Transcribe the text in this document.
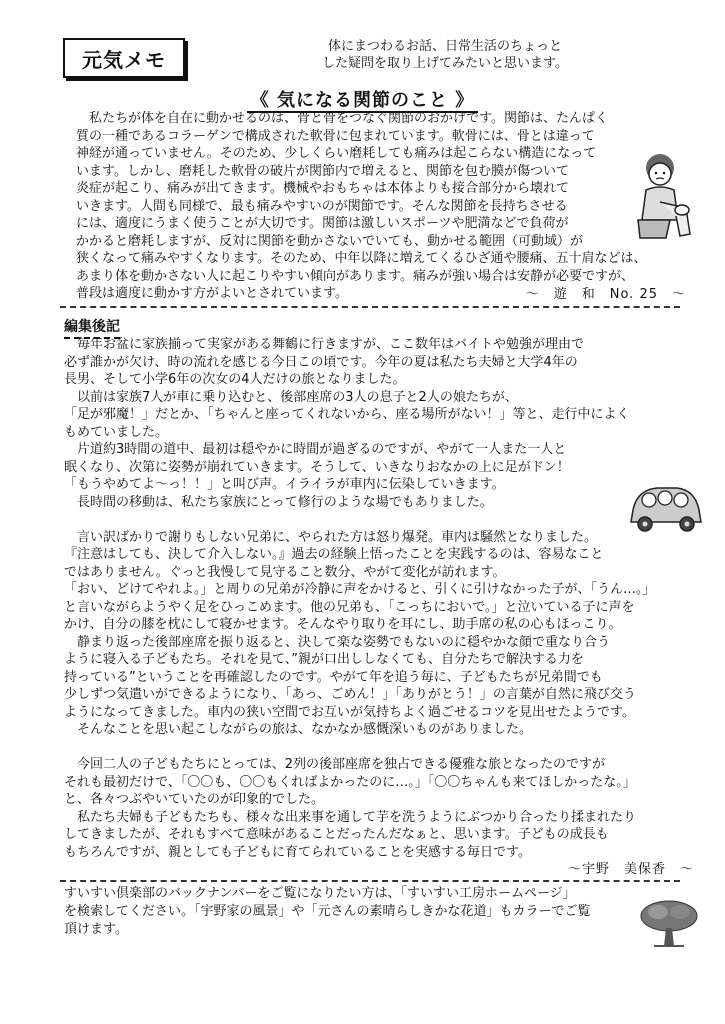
元気メモ
体にまつわるお話、日常生活のちょっと
した疑問を取り上げてみたいと思います。
《 気になる関節のこと 》
　私たちが体を自在に動かせるのは、骨と骨をつなぐ関節のおかげです。関節は、たんぱく
質の一種であるコラーゲンで構成された軟骨に包まれています。軟骨には、骨とは違って
神経が通っていません。そのため、少しくらい磨耗しても痛みは起こらない構造になって
います。しかし、磨耗した軟骨の破片が関節内で増えると、関節を包む膜が傷ついて
炎症が起こり、痛みが出てきます。機械やおもちゃは本体よりも接合部分から壊れて
いきます。人間も同様で、最も痛みやすいのが関節です。そんな関節を長持ちさせる
には、適度にうまく使うことが大切です。関節は激しいスポーツや肥満などで負荷が
かかると磨耗しますが、反対に関節を動かさないでいても、動かせる範囲（可動域）が
狭くなって痛みやすくなります。そのため、中年以降に増えてくるひざ通や腰痛、五十肩などは、
あまり体を動かさない人に起こりやすい傾向があります。痛みが強い場合は安静が必要ですが、
普段は適度に動かす方がよいとされています。	〜　遊　和　No. 25　〜
編集後記

　毎年お盆に家族揃って実家がある舞鶴に行きますが、ここ数年はバイトや勉強が理由で
必ず誰かが欠け、時の流れを感じる今日この頃です。今年の夏は私たち夫婦と大学4年の
長男、そして小学6年の次女の4人だけの旅となりました。
　以前は家族7人が車に乗り込むと、後部座席の3人の息子と2人の娘たちが、
「足が邪魔！」だとか、「ちゃんと座ってくれないから、座る場所がない！」等と、走行中によく
もめていました。
　片道約3時間の道中、最初は穏やかに時間が過ぎるのですが、やがて一人また一人と
眠くなり、次第に姿勢が崩れていきます。そうして、いきなりおなかの上に足がドン！
「もうやめてよ〜っ！！」と叫び声。イライラが車内に伝染していきます。
　長時間の移動は、私たち家族にとって修行のような場でもありました。

　言い訳ばかりで謝りもしない兄弟に、やられた方は怒り爆発。車内は騒然となりました。
『注意はしても、決して介入しない。』過去の経験上悟ったことを実践するのは、容易なこと
ではありません。ぐっと我慢して見守ること数分、やがて変化が訪れます。
「おい、どけてやれよ。」と周りの兄弟が冷静に声をかけると、引くに引けなかった子が、「うん…。」
と言いながらようやく足をひっこめます。他の兄弟も、「こっちにおいで。」と泣いている子に声を
かけ、自分の膝を枕にして寝かせます。そんなやり取りを耳にし、助手席の私の心もほっこり。
　静まり返った後部座席を振り返ると、決して楽な姿勢でもないのに穏やかな顔で重なり合う
ように寝入る子どもたち。それを見て、”親が口出ししなくても、自分たちで解決する力を
持っている”ということを再確認したのです。やがて年を追う毎に、子どもたちが兄弟間でも
少しずつ気遣いができるようになり、「あっ、ごめん！」「ありがとう！」の言葉が自然に飛び交う
ようになってきました。車内の狭い空間でお互いが気持ちよく過ごせるコツを見出せたようです。
　そんなことを思い起こしながらの旅は、なかなか感慨深いものがありました。

　今回二人の子どもたちにとっては、2列の後部座席を独占できる優雅な旅となったのですが
それも最初だけで、「〇〇も、〇〇もくればよかったのに…。」「〇〇ちゃんも来てほしかったな。」
と、各々つぶやいていたのが印象的でした。
　私たち夫婦も子どもたちも、様々な出来事を通して芋を洗うようにぶつかり合ったり揉まれたり
してきましたが、それもすべて意味があることだったんだなぁと、思います。子どもの成長も
もちろんですが、親としても子どもに育てられていることを実感する毎日です。

〜宇野　美保香　〜
すいすい倶楽部のバックナンバーをご覧になりたい方は、「すいすい工房ホームページ」
を検索してください。「宇野家の風景」や「元さんの素晴らしきかな花道」もカラーでご覧
頂けます。
